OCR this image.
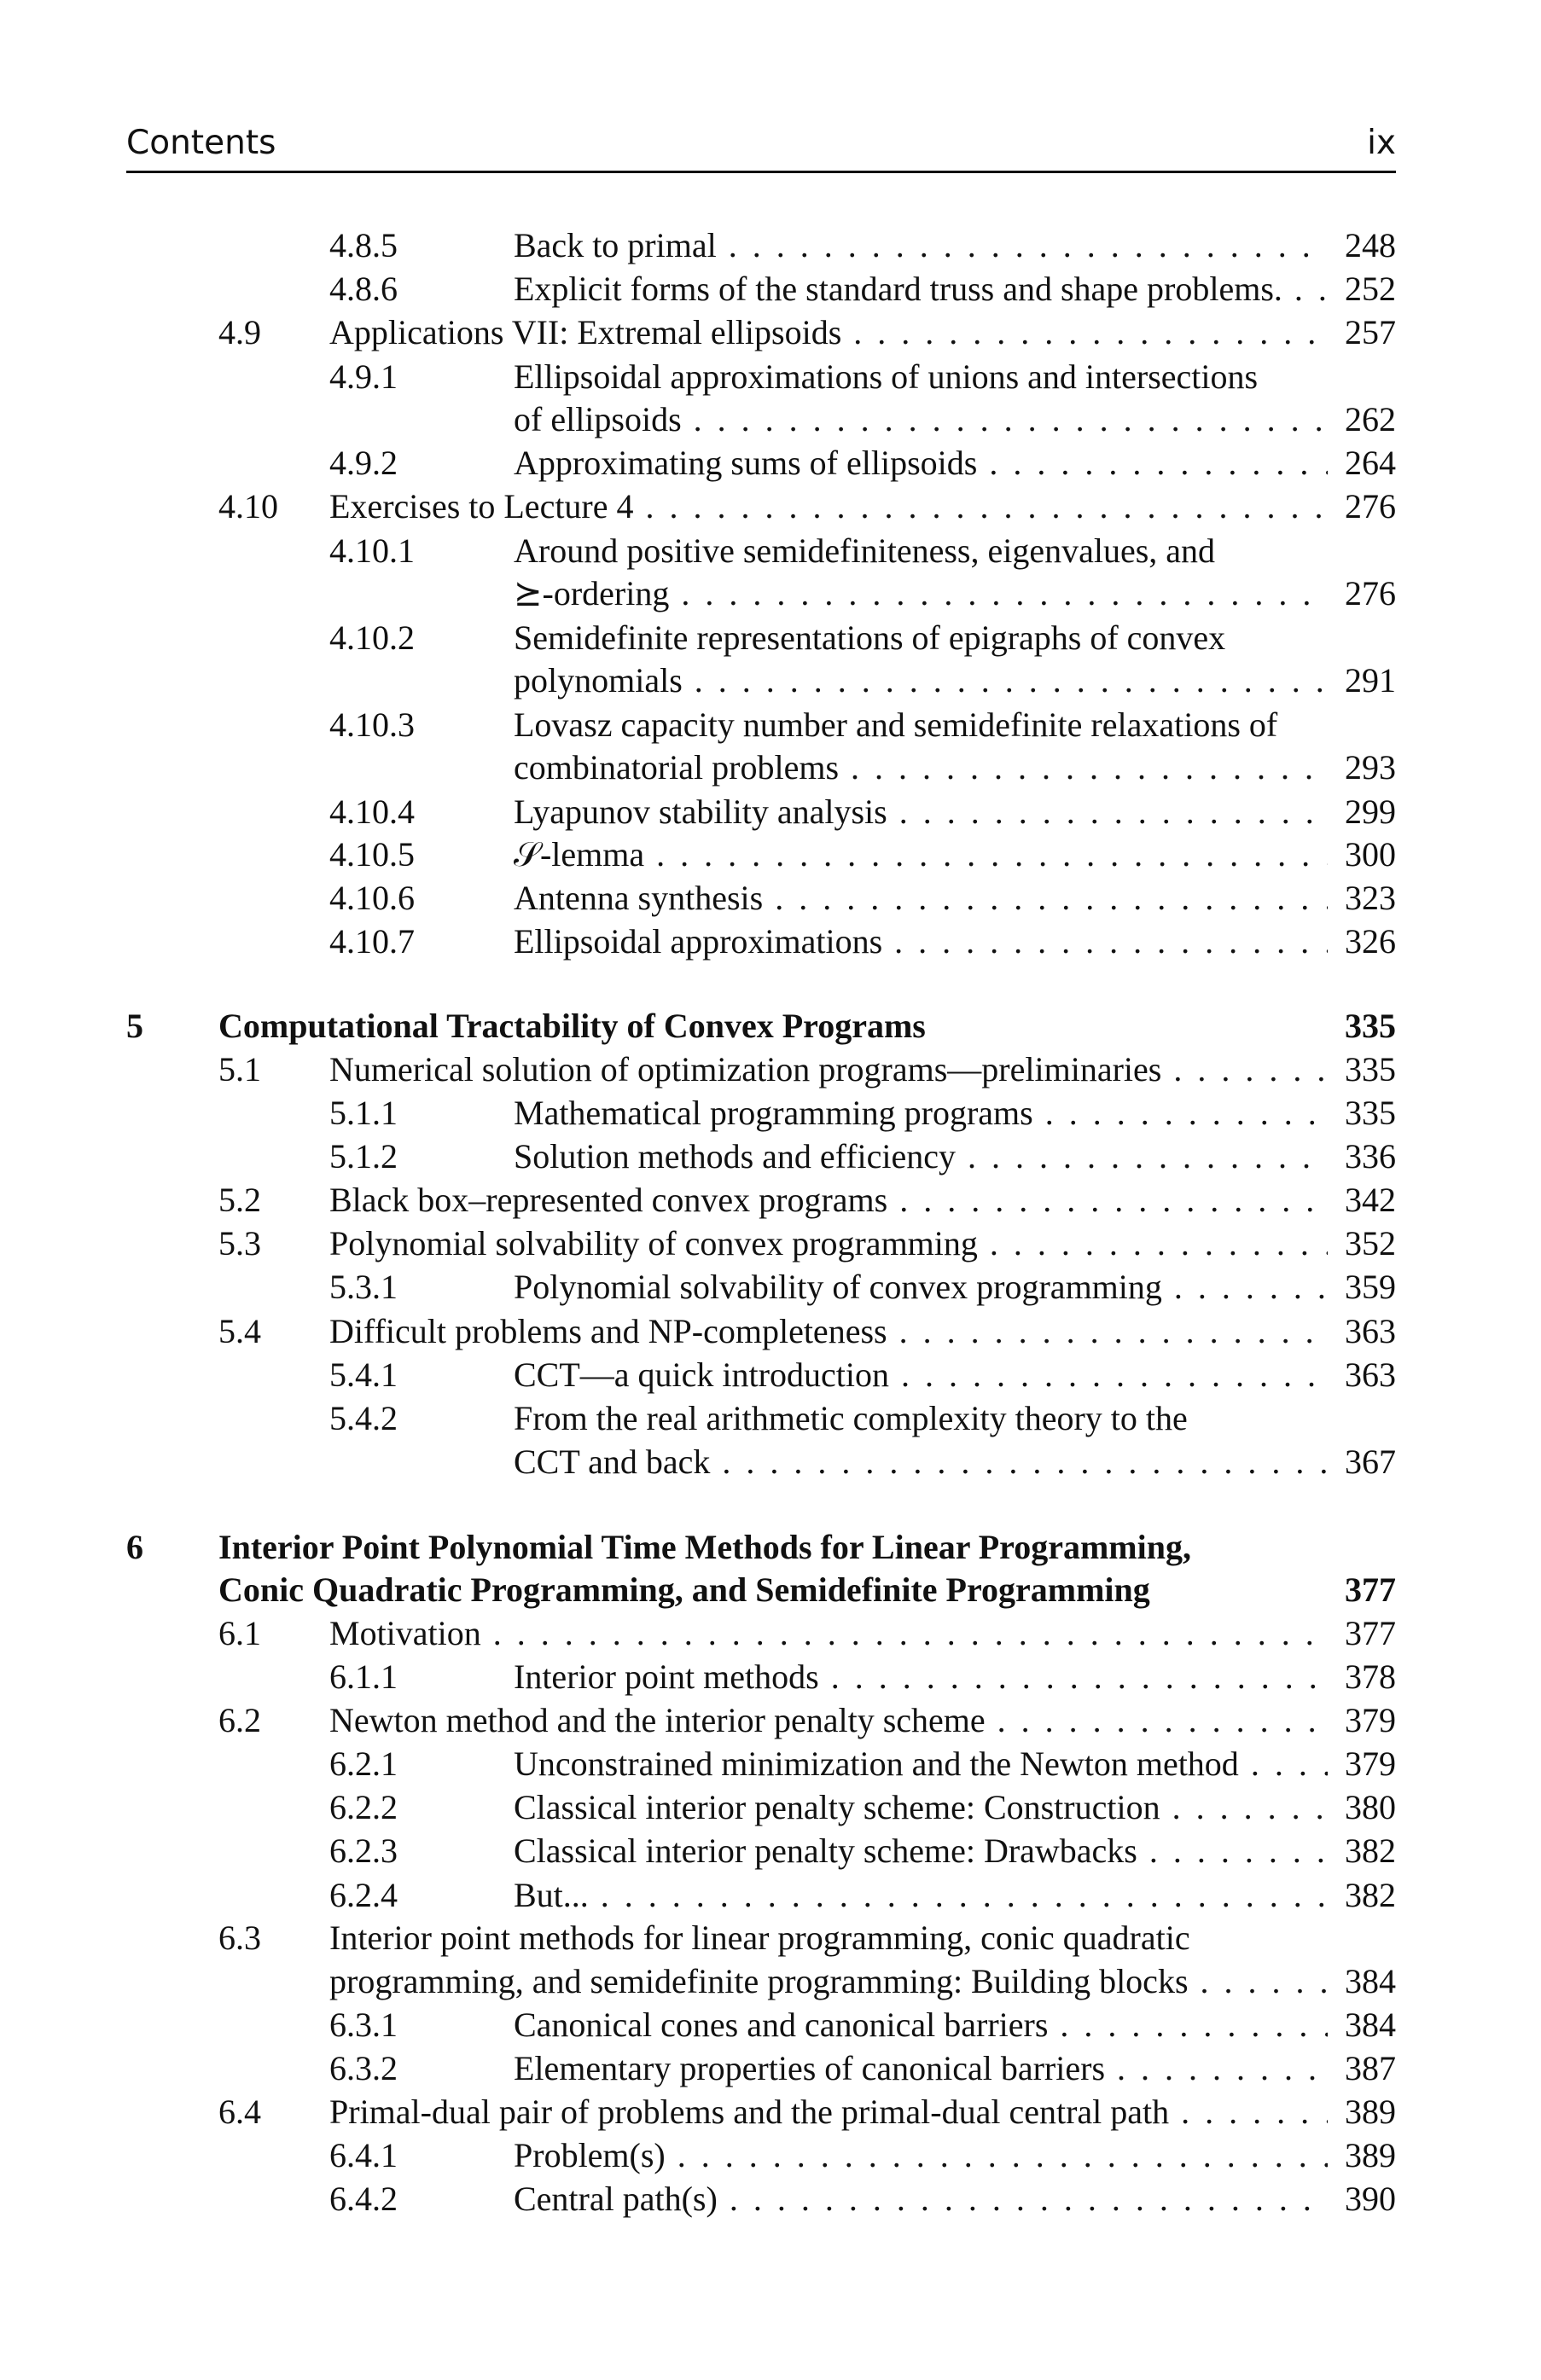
Contents	ix
4.8.5	Back to primal . . .	248
4.8.6	Explicit forms of the standard truss and shape problems. . . .	252
4.9 Applications VII: Extremal ellipsoids . . .	257
4.9.1	Ellipsoidal approximations of unions and intersections
of ellipsoids . . .	262
4.9.2	Approximating sums of ellipsoids . . .	264
4.10 Exercises to Lecture 4 . . .	276
4.10.1	Around positive semidefiniteness, eigenvalues, and
⪰-ordering . . .	276
4.10.2	Semidefinite representations of epigraphs of convex
polynomials . . .	291
4.10.3	Lovasz capacity number and semidefinite relaxations of
combinatorial problems . . .	293
4.10.4	Lyapunov stability analysis . . .	299
4.10.5	𝒮-lemma . . .	300
4.10.6	Antenna synthesis . . .	323
4.10.7	Ellipsoidal approximations . . .	326
5 Computational Tractability of Convex Programs	335
5.1 Numerical solution of optimization programs—preliminaries . . .	335
5.1.1	Mathematical programming programs . . .	335
5.1.2	Solution methods and efficiency . . .	336
5.2 Black box–represented convex programs . . .	342
5.3 Polynomial solvability of convex programming . . .	352
5.3.1	Polynomial solvability of convex programming . . .	359
5.4 Difficult problems and NP-completeness . . .	363
5.4.1	CCT—a quick introduction . . .	363
5.4.2	From the real arithmetic complexity theory to the
CCT and back . . .	367
6 Interior Point Polynomial Time Methods for Linear Programming,
Conic Quadratic Programming, and Semidefinite Programming	377
6.1 Motivation . . .	377
6.1.1	Interior point methods . . .	378
6.2 Newton method and the interior penalty scheme . . .	379
6.2.1	Unconstrained minimization and the Newton method . . .	379
6.2.2	Classical interior penalty scheme: Construction . . .	380
6.2.3	Classical interior penalty scheme: Drawbacks . . .	382
6.2.4	But... . . .	382
6.3 Interior point methods for linear programming, conic quadratic
programming, and semidefinite programming: Building blocks . . .	384
6.3.1	Canonical cones and canonical barriers . . .	384
6.3.2	Elementary properties of canonical barriers . . .	387
6.4 Primal-dual pair of problems and the primal-dual central path . . .	389
6.4.1	Problem(s) . . .	389
6.4.2	Central path(s) . . .	390
